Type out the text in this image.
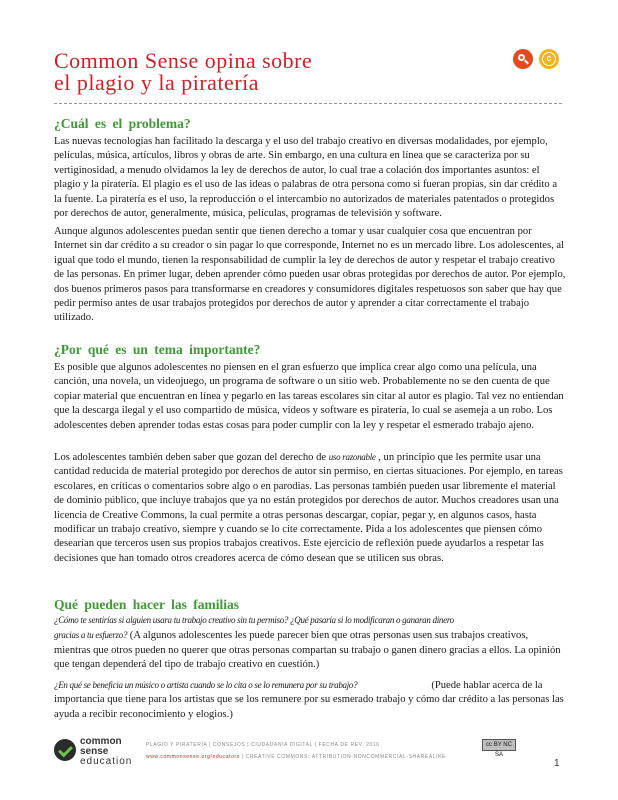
Common Sense opina sobre
el plagio y la piratería
c
¿Cuál es el problema?
Las nuevas tecnologías han facilitado la descarga y el uso del trabajo creativo en diversas modalidades, por ejemplo, películas, música, artículos, libros y obras de arte. Sin embargo, en una cultura en línea que se caracteriza por su vertiginosidad, a menudo olvidamos la ley de derechos de autor, lo cual trae a colación dos importantes asuntos: el plagio y la piratería. El plagio es el uso de las ideas o palabras de otra persona como si fueran propias, sin dar crédito a la fuente. La piratería es el uso, la reproducción o el intercambio no autorizados de materiales patentados o protegidos por derechos de autor, generalmente, música, películas, programas de televisión y software.
Aunque algunos adolescentes puedan sentir que tienen derecho a tomar y usar cualquier cosa que encuentran por Internet sin dar crédito a su creador o sin pagar lo que corresponde, Internet no es un mercado libre. Los adolescentes, al igual que todo el mundo, tienen la responsabilidad de cumplir la ley de derechos de autor y respetar el trabajo creativo de las personas. En primer lugar, deben aprender cómo pueden usar obras protegidas por derechos de autor. Por ejemplo, dos buenos primeros pasos para transformarse en creadores y consumidores digitales respetuosos son saber que hay que pedir permiso antes de usar trabajos protegidos por derechos de autor y aprender a citar correctamente el trabajo utilizado.
¿Por qué es un tema importante?
Es posible que algunos adolescentes no piensen en el gran esfuerzo que implica crear algo como una película, una canción, una novela, un videojuego, un programa de software o un sitio web. Probablemente no se den cuenta de que copiar material que encuentran en línea y pegarlo en las tareas escolares sin citar al autor es plagio. Tal vez no entiendan que la descarga ilegal y el uso compartido de música, videos y software es piratería, lo cual se asemeja a un robo. Los adolescentes deben aprender todas estas cosas para poder cumplir con la ley y respetar el esmerado trabajo ajeno.
Los adolescentes también deben saber que gozan del derecho de uso razonable , un principio que les permite usar una cantidad reducida de material protegido por derechos de autor sin permiso, en ciertas situaciones. Por ejemplo, en tareas escolares, en críticas o comentarios sobre algo o en parodias. Las personas también pueden usar libremente el material de dominio público, que incluye trabajos que ya no están protegidos por derechos de autor. Muchos creadores usan una licencia de Creative Commons, la cual permite a otras personas descargar, copiar, pegar y, en algunos casos, hasta modificar un trabajo creativo, siempre y cuando se lo cite correctamente. Pida a los adolescentes que piensen cómo desearían que terceros usen sus propios trabajos creativos. Este ejercicio de reflexión puede ayudarlos a respetar las decisiones que han tomado otros creadores acerca de cómo desean que se utilicen sus obras.
Qué pueden hacer las familias
¿Cómo te sentirías si alguien usara tu trabajo creativo sin tu permiso? ¿Qué pasaría si lo modificaran o ganaran dinero
gracias a tu esfuerzo? (A algunos adolescentes les puede parecer bien que otras personas usen sus trabajos creativos, mientras que otros pueden no querer que otras personas compartan su trabajo o ganen dinero gracias a ellos. La opinión que tengan dependerá del tipo de trabajo creativo en cuestión.)
¿En qué se beneficia un músico o artista cuando se lo cita o se lo remunera por su trabajo?	(Puede hablar acerca de la importancia que tiene para los artistas que se los remunere por su esmerado trabajo y cómo dar crédito a las personas las ayuda a recibir reconocimiento y elogios.)
common
sense
education
PLAGIO Y PIRATERÍA | CONSEJOS | CIUDADANÍA DIGITAL | FECHA DE REV. 2016
www.commonsense.org/educators | CREATIVE COMMONS: ATTRIBUTION-NONCOMMERCIAL-SHAREALIKE
cc BY NC SA
1
